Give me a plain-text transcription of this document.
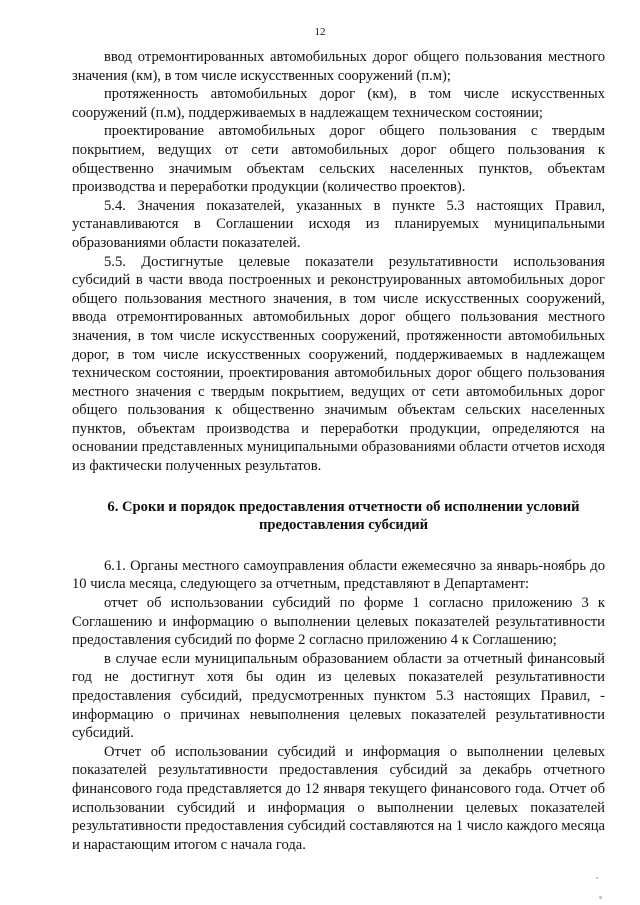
12

ввод отремонтированных автомобильных дорог общего пользования местного значения (км), в том числе искусственных сооружений (п.м);

протяженность автомобильных дорог (км), в том числе искусственных сооружений (п.м), поддерживаемых в надлежащем техническом состоянии;

проектирование автомобильных дорог общего пользования с твердым покрытием, ведущих от сети автомобильных дорог общего пользования к общественно значимым объектам сельских населенных пунктов, объектам производства и переработки продукции (количество проектов).

5.4. Значения показателей, указанных в пункте 5.3 настоящих Правил, устанавливаются в Соглашении исходя из планируемых муниципальными образованиями области показателей.

5.5. Достигнутые целевые показатели результативности использования субсидий в части ввода построенных и реконструированных автомобильных дорог общего пользования местного значения, в том числе искусственных сооружений, ввода отремонтированных автомобильных дорог общего пользования местного значения, в том числе искусственных сооружений, протяженности автомобильных дорог, в том числе искусственных сооружений, поддерживаемых в надлежащем техническом состоянии, проектирования автомобильных дорог общего пользования местного значения с твердым покрытием, ведущих от сети автомобильных дорог общего пользования к общественно значимым объектам сельских населенных пунктов, объектам производства и переработки продукции, определяются на основании представленных муниципальными образованиями области отчетов исходя из фактически полученных результатов.

6. Сроки и порядок предоставления отчетности об исполнении условий предоставления субсидий

6.1. Органы местного самоуправления области ежемесячно за январь-ноябрь до 10 числа месяца, следующего за отчетным, представляют в Департамент:

отчет об использовании субсидий по форме 1 согласно приложению 3 к Соглашению и информацию о выполнении целевых показателей результативности предоставления субсидий по форме 2 согласно приложению 4 к Соглашению;

в случае если муниципальным образованием области за отчетный финансовый год не достигнут хотя бы один из целевых показателей результативности предоставления субсидий, предусмотренных пунктом 5.3 настоящих Правил, - информацию о причинах невыполнения целевых показателей результативности субсидий.

Отчет об использовании субсидий и информация о выполнении целевых показателей результативности предоставления субсидий за декабрь отчетного финансового года представляется до 12 января текущего финансового года. Отчет об использовании субсидий и информация о выполнении целевых показателей результативности предоставления субсидий составляются на 1 число каждого месяца и нарастающим итогом с начала года.
